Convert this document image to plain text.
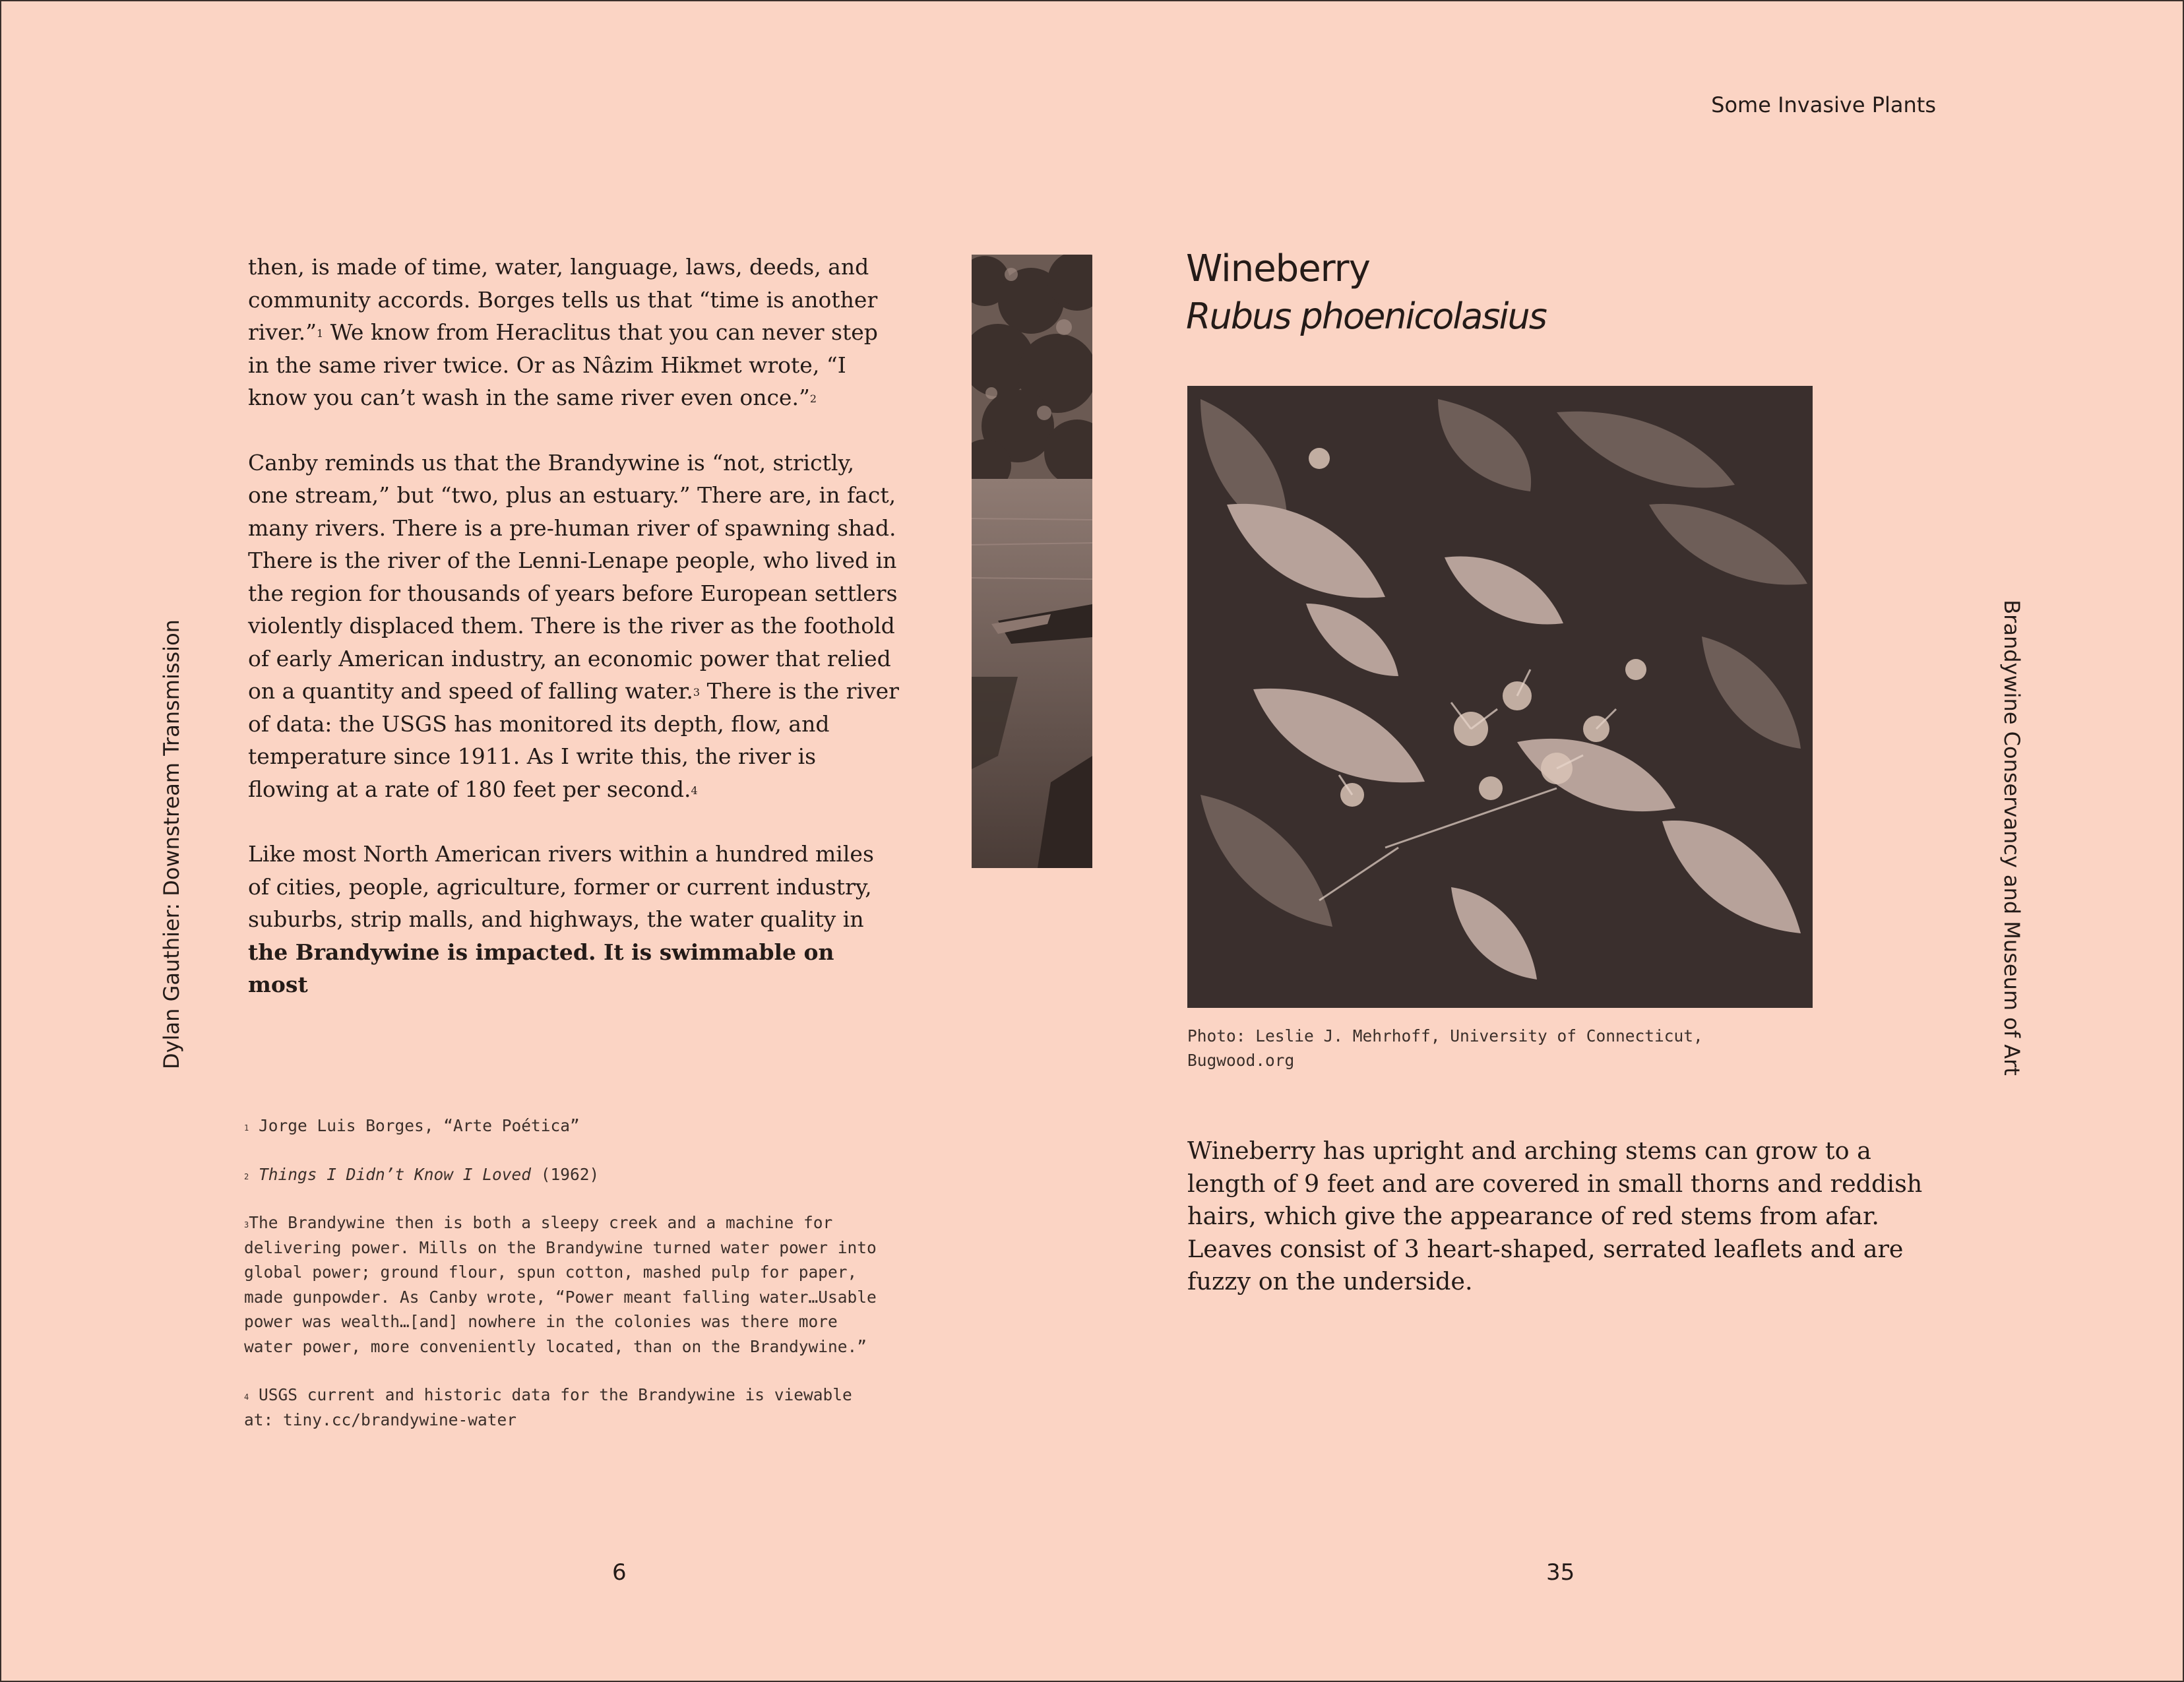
Some Invasive Plants
Dylan Gauthier: Downstream Transmission	Brandywine Conservancy and Museum of Art

then, is made of time, water, language, laws, deeds, and community accords. Borges tells us that “time is another river.”$^1$ We know from Heraclitus that you can never step in the same river twice. Or as Nâzim Hikmet wrote, “I know you can’t wash in the same river even once.”$^2$

Canby reminds us that the Brandywine is “not, strictly, one stream,” but “two, plus an estuary.” There are, in fact, many rivers. There is a pre-human river of spawning shad. There is the river of the Lenni-Lenape people, who lived in the region for thousands of years before European settlers violently displaced them. There is the river as the foothold of early American industry, an economic power that relied on a quantity and speed of falling water.$^3$ There is the river of data: the USGS has monitored its depth, flow, and temperature since 1911. As I write this, the river is flowing at a rate of 180 feet per second.$^4$

Like most North American rivers within a hundred miles of cities, people, agriculture, former or current industry, suburbs, strip malls, and highways, the water quality in the Brandywine is impacted. It is swimmable on most

$^1$ Jorge Luis Borges, “Arte Poética”

$^2$ Things I Didn’t Know I Loved (1962)

$^3$The Brandywine then is both a sleepy creek and a machine for delivering power. Mills on the Brandywine turned water power into global power; ground flour, spun cotton, mashed pulp for paper, made gunpowder. As Canby wrote, “Power meant falling water…Usable power was wealth…[and] nowhere in the colonies was there more water power, more conveniently located, than on the Brandywine.”

$^4$ USGS current and historic data for the Brandywine is viewable at: tiny.cc/brandywine-water

Wineberry
Rubus phoenicolasius
Photo: Leslie J. Mehrhoff, University of Connecticut, Bugwood.org
Wineberry has upright and arching stems can grow to a length of 9 feet and are covered in small thorns and reddish hairs, which give the appearance of red stems from afar. Leaves consist of 3 heart-shaped, serrated leaflets and are fuzzy on the underside.
6	35
